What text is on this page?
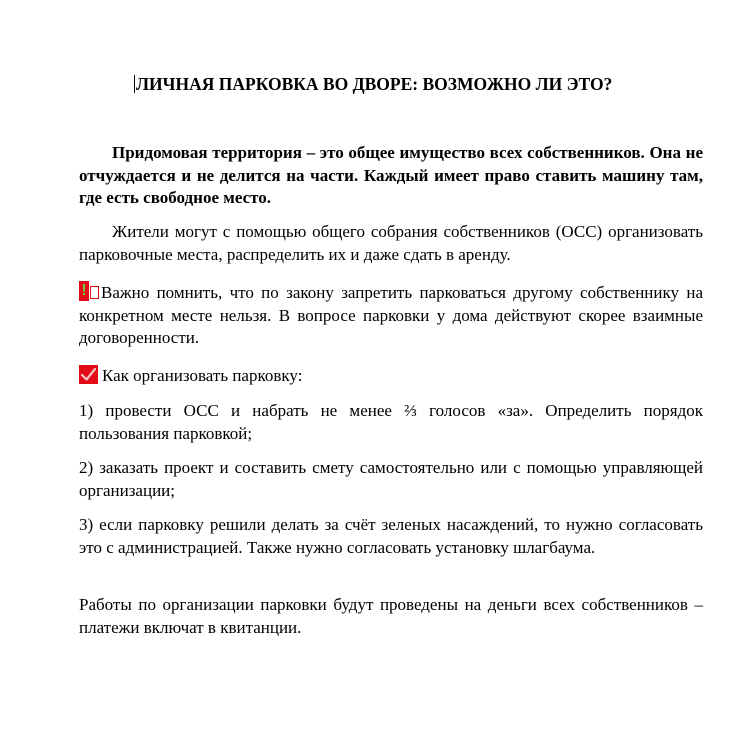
ЛИЧНАЯ ПАРКОВКА ВО ДВОРЕ: ВОЗМОЖНО ЛИ ЭТО?
Придомовая территория – это общее имущество всех собственников. Она не отчуждается и не делится на части. Каждый имеет право ставить машину там, где есть свободное место.
Жители могут с помощью общего собрания собственников (ОСС) организовать парковочные места, распределить их и даже сдать в аренду.
! Важно помнить, что по закону запретить парковаться другому собственнику на конкретном месте нельзя. В вопросе парковки у дома действуют скорее взаимные договоренности.
Как организовать парковку:
1) провести ОСС и набрать не менее ⅔ голосов «за». Определить порядок пользования парковкой;
2) заказать проект и составить смету самостоятельно или с помощью управляющей организации;
3) если парковку решили делать за счёт зеленых насаждений, то нужно согласовать это с администрацией. Также нужно согласовать установку шлагбаума.
Работы по организации парковки будут проведены на деньги всех собственников – платежи включат в квитанции.
